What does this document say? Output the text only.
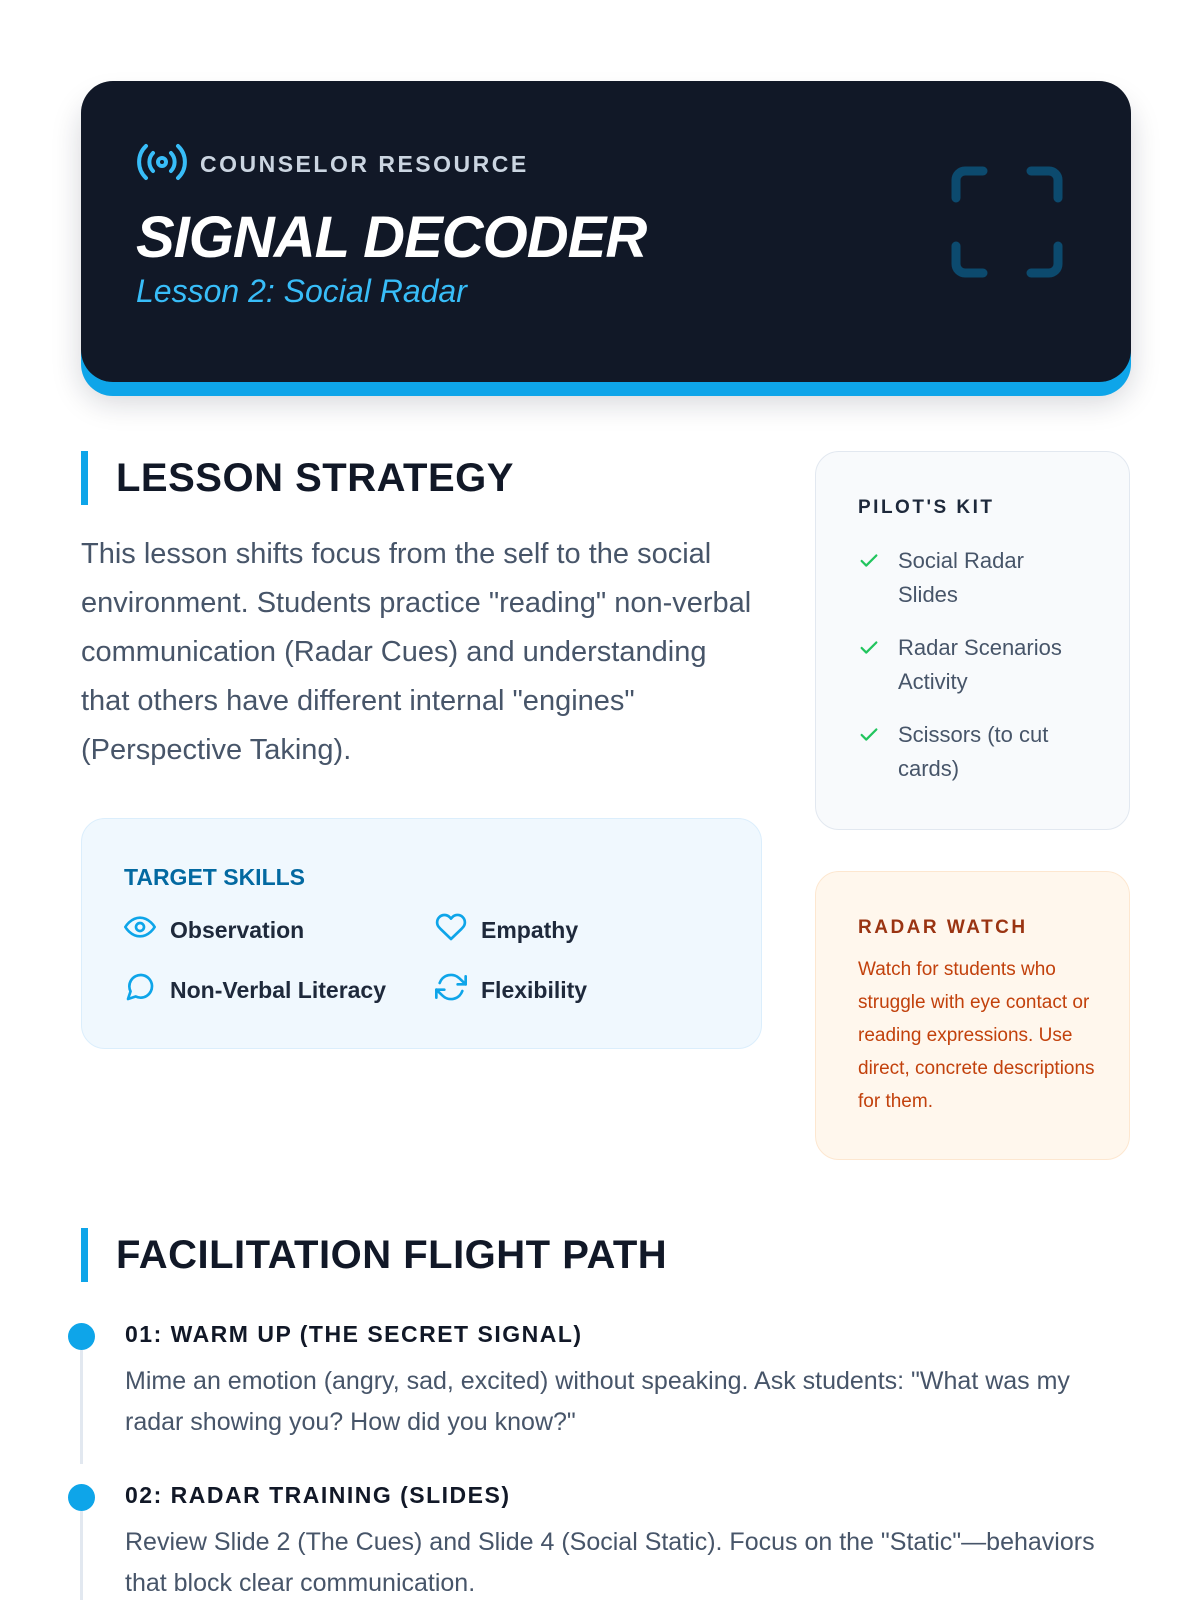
COUNSELOR RESOURCE
SIGNAL DECODER
Lesson 2: Social Radar
LESSON STRATEGY
This lesson shifts focus from the self to the social environment. Students practice "reading" non-verbal communication (Radar Cues) and understanding that others have different internal "engines" (Perspective Taking).
TARGET SKILLS
Observation	Empathy
Non-Verbal Literacy	Flexibility
PILOT'S KIT
Social Radar Slides
Radar Scenarios Activity
Scissors (to cut cards)
RADAR WATCH
Watch for students who struggle with eye contact or reading expressions. Use direct, concrete descriptions for them.
FACILITATION FLIGHT PATH
01: WARM UP (THE SECRET SIGNAL)
Mime an emotion (angry, sad, excited) without speaking. Ask students: "What was my radar showing you? How did you know?"
02: RADAR TRAINING (SLIDES)
Review Slide 2 (The Cues) and Slide 4 (Social Static). Focus on the "Static"—behaviors that block clear communication.
